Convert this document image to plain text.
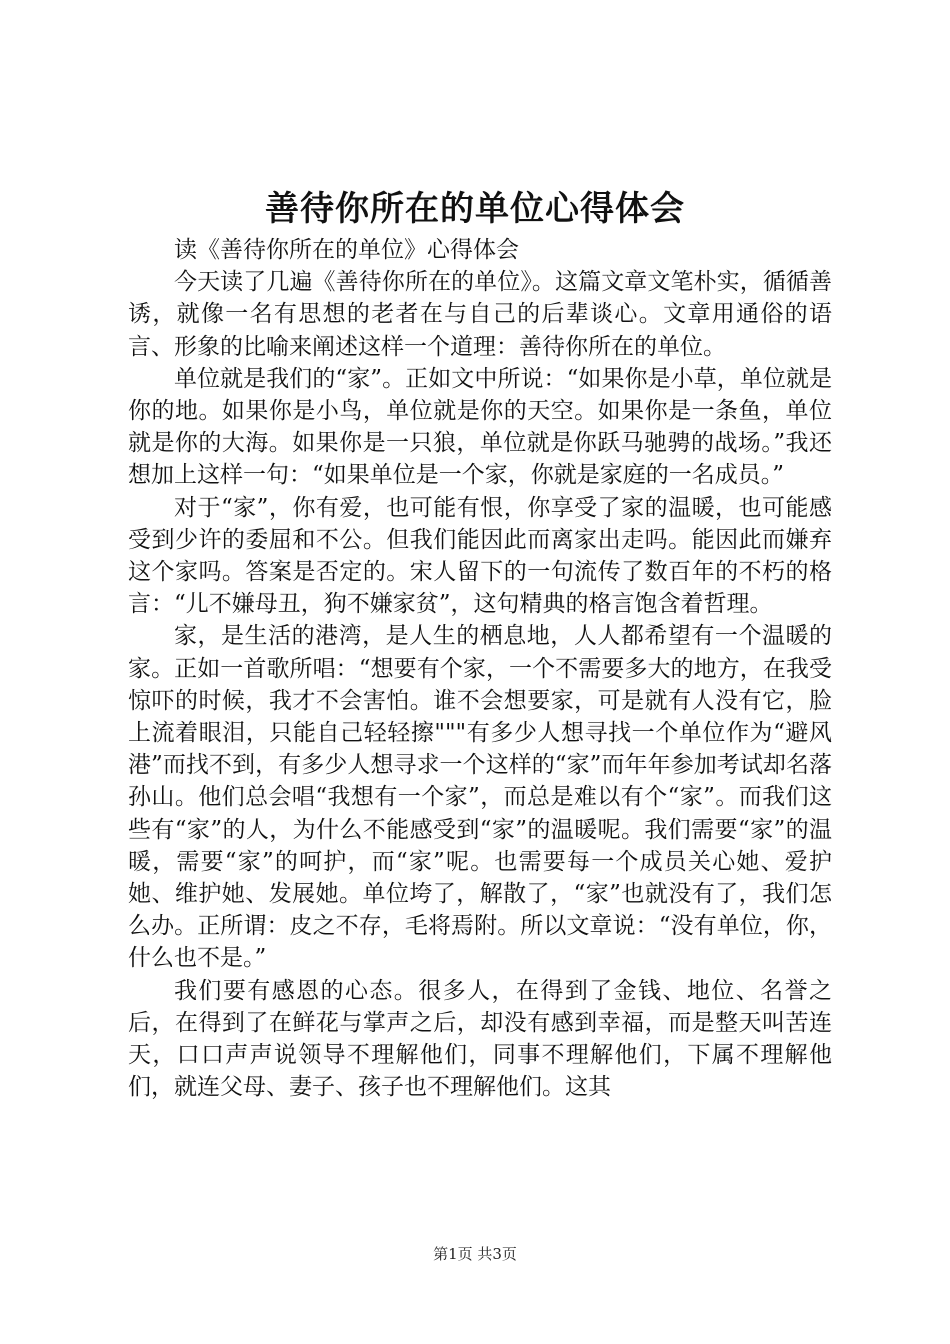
善待你所在的单位心得体会

读《善待你所在的单位》心得体会

今天读了几遍《善待你所在的单位》。这篇文章文笔朴实，循循善诱，就像一名有思想的老者在与自己的后辈谈心。文章用通俗的语言、形象的比喻来阐述这样一个道理：善待你所在的单位。

单位就是我们的“家”。正如文中所说：“如果你是小草，单位就是你的地。如果你是小鸟，单位就是你的天空。如果你是一条鱼，单位就是你的大海。如果你是一只狼，单位就是你跃马驰骋的战场。”我还想加上这样一句：“如果单位是一个家，你就是家庭的一名成员。”

对于“家”，你有爱，也可能有恨，你享受了家的温暖，也可能感受到少许的委屈和不公。但我们能因此而离家出走吗。能因此而嫌弃这个家吗。答案是否定的。宋人留下的一句流传了数百年的不朽的格言：“儿不嫌母丑，狗不嫌家贫”，这句精典的格言饱含着哲理。

家，是生活的港湾，是人生的栖息地，人人都希望有一个温暖的家。正如一首歌所唱：“想要有个家，一个不需要多大的地方，在我受惊吓的时候，我才不会害怕。谁不会想要家，可是就有人没有它，脸上流着眼泪，只能自己轻轻擦"""有多少人想寻找一个单位作为“避风港”而找不到，有多少人想寻求一个这样的“家”而年年参加考试却名落孙山。他们总会唱“我想有一个家”，而总是难以有个“家”。而我们这些有“家”的人，为什么不能感受到“家”的温暖呢。我们需要“家”的温暖，需要“家”的呵护，而“家”呢。也需要每一个成员关心她、爱护她、维护她、发展她。单位垮了，解散了，“家”也就没有了，我们怎么办。正所谓：皮之不存，毛将焉附。所以文章说：“没有单位，你，什么也不是。”

我们要有感恩的心态。很多人，在得到了金钱、地位、名誉之后，在得到了在鲜花与掌声之后，却没有感到幸福，而是整天叫苦连天，口口声声说领导不理解他们，同事不理解他们，下属不理解他们，就连父母、妻子、孩子也不理解他们。这其

第1页 共3页
